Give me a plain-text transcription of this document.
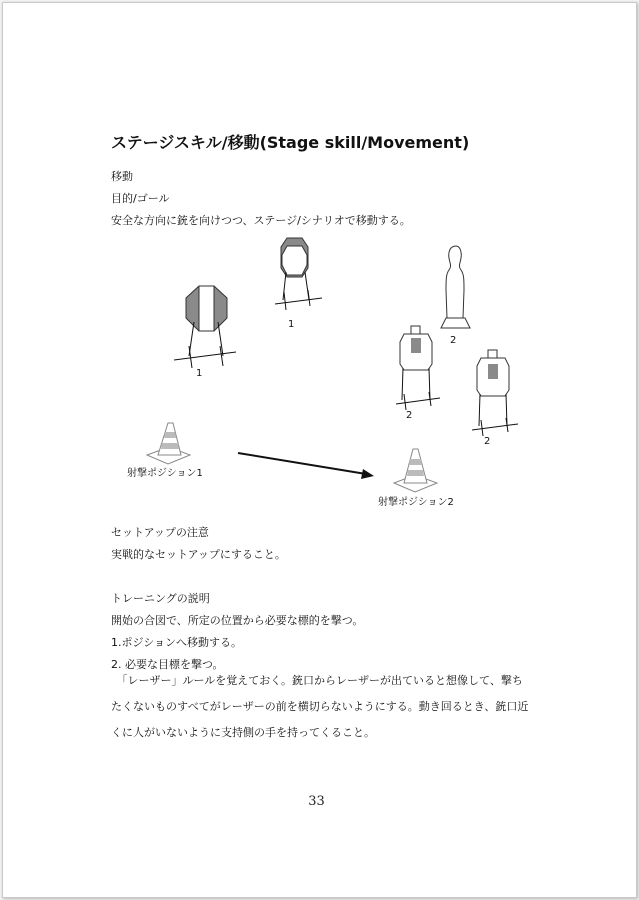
ステージスキル/移動(Stage skill/Movement)
移動
目的/ゴール
安全な方向に銃を向けつつ、ステージ/シナリオで移動する。
1
1
2
2
2
射撃ポジション1
射撃ポジション2
セットアップの注意
実戦的なセットアップにすること。
トレーニングの説明
開始の合図で、所定の位置から必要な標的を撃つ。
1.ポジションへ移動する。
2. 必要な目標を撃つ。
　「レーザー」ルールを覚えておく。銃口からレーザーが出ていると想像して、撃ちたくないものすべてがレーザーの前を横切らないようにする。動き回るとき、銃口近くに人がいないように支持側の手を持ってくること。
33
